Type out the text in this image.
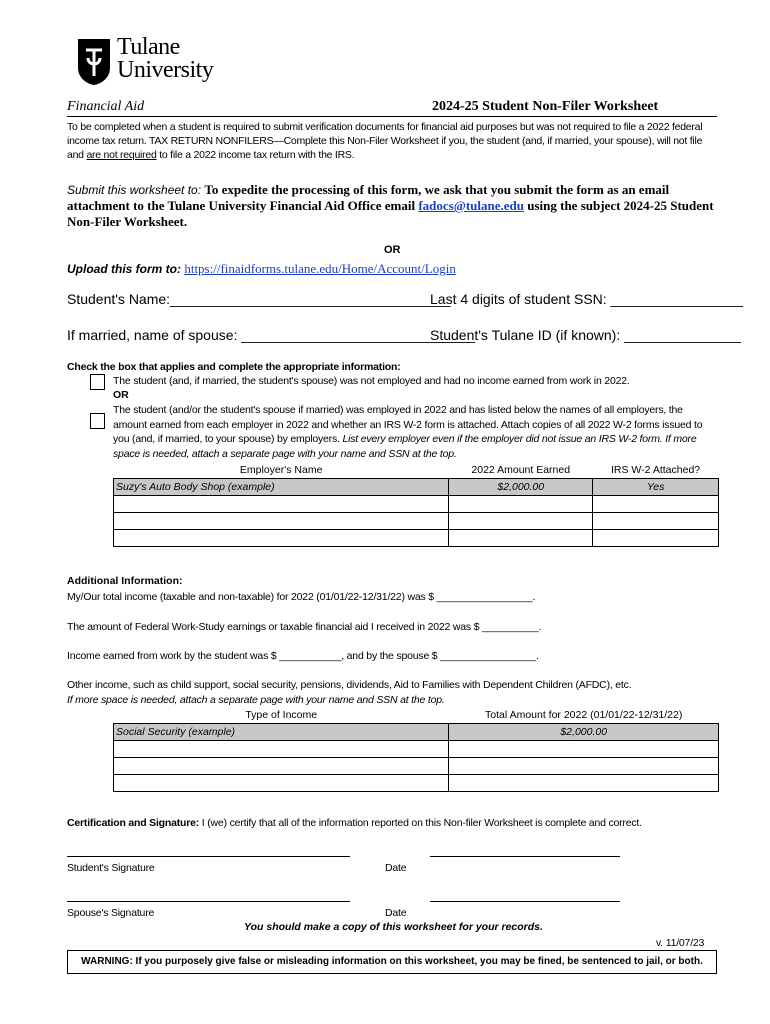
Tulane
University
Financial Aid	2024-25 Student Non-Filer Worksheet
To be completed when a student is required to submit verification documents for financial aid purposes but was not required to file a 2022 federal income tax return. TAX RETURN NONFILERS—Complete this Non-Filer Worksheet if you, the student (and, if married, your spouse), will not file and are not required to file a 2022 income tax return with the IRS.
Submit this worksheet to: To expedite the processing of this form, we ask that you submit the form as an email attachment to the Tulane University Financial Aid Office email fadocs@tulane.edu using the subject 2024-25 Student Non-Filer Worksheet.
OR
Upload this form to: https://finaidforms.tulane.edu/Home/Account/Login
Student's Name:____________________________________
Last 4 digits of student SSN: _________________
If married, name of spouse: ______________________________
Student's Tulane ID (if known): _______________
Check the box that applies and complete the appropriate information:
The student (and, if married, the student's spouse) was not employed and had no income earned from work in 2022.
OR
The student (and/or the student's spouse if married) was employed in 2022 and has listed below the names of all employers, the amount earned from each employer in 2022 and whether an IRS W-2 form is attached. Attach copies of all 2022 W-2 forms issued to you (and, if married, to your spouse) by employers. List every employer even if the employer did not issue an IRS W-2 form. If more space is needed, attach a separate page with your name and SSN at the top.
Employer's Name	2022 Amount Earned	IRS W-2 Attached?
Suzy's Auto Body Shop (example)	$2,000.00	Yes

Additional Information:
My/Our total income (taxable and non-taxable) for 2022 (01/01/22-12/31/22) was $ _________________.
The amount of Federal Work-Study earnings or taxable financial aid I received in 2022 was $ __________.
Income earned from work by the student was $ ___________, and by the spouse $ _________________.
Other income, such as child support, social security, pensions, dividends, Aid to Families with Dependent Children (AFDC), etc.
If more space is needed, attach a separate page with your name and SSN at the top.
Type of Income	Total Amount for 2022 (01/01/22-12/31/22)
Social Security (example)	$2,000.00

Certification and Signature: I (we) certify that all of the information reported on this Non-filer Worksheet is complete and correct.
Student's Signature	Date
Spouse's Signature	Date
You should make a copy of this worksheet for your records.
v. 11/07/23
WARNING: If you purposely give false or misleading information on this worksheet, you may be fined, be sentenced to jail, or both.
